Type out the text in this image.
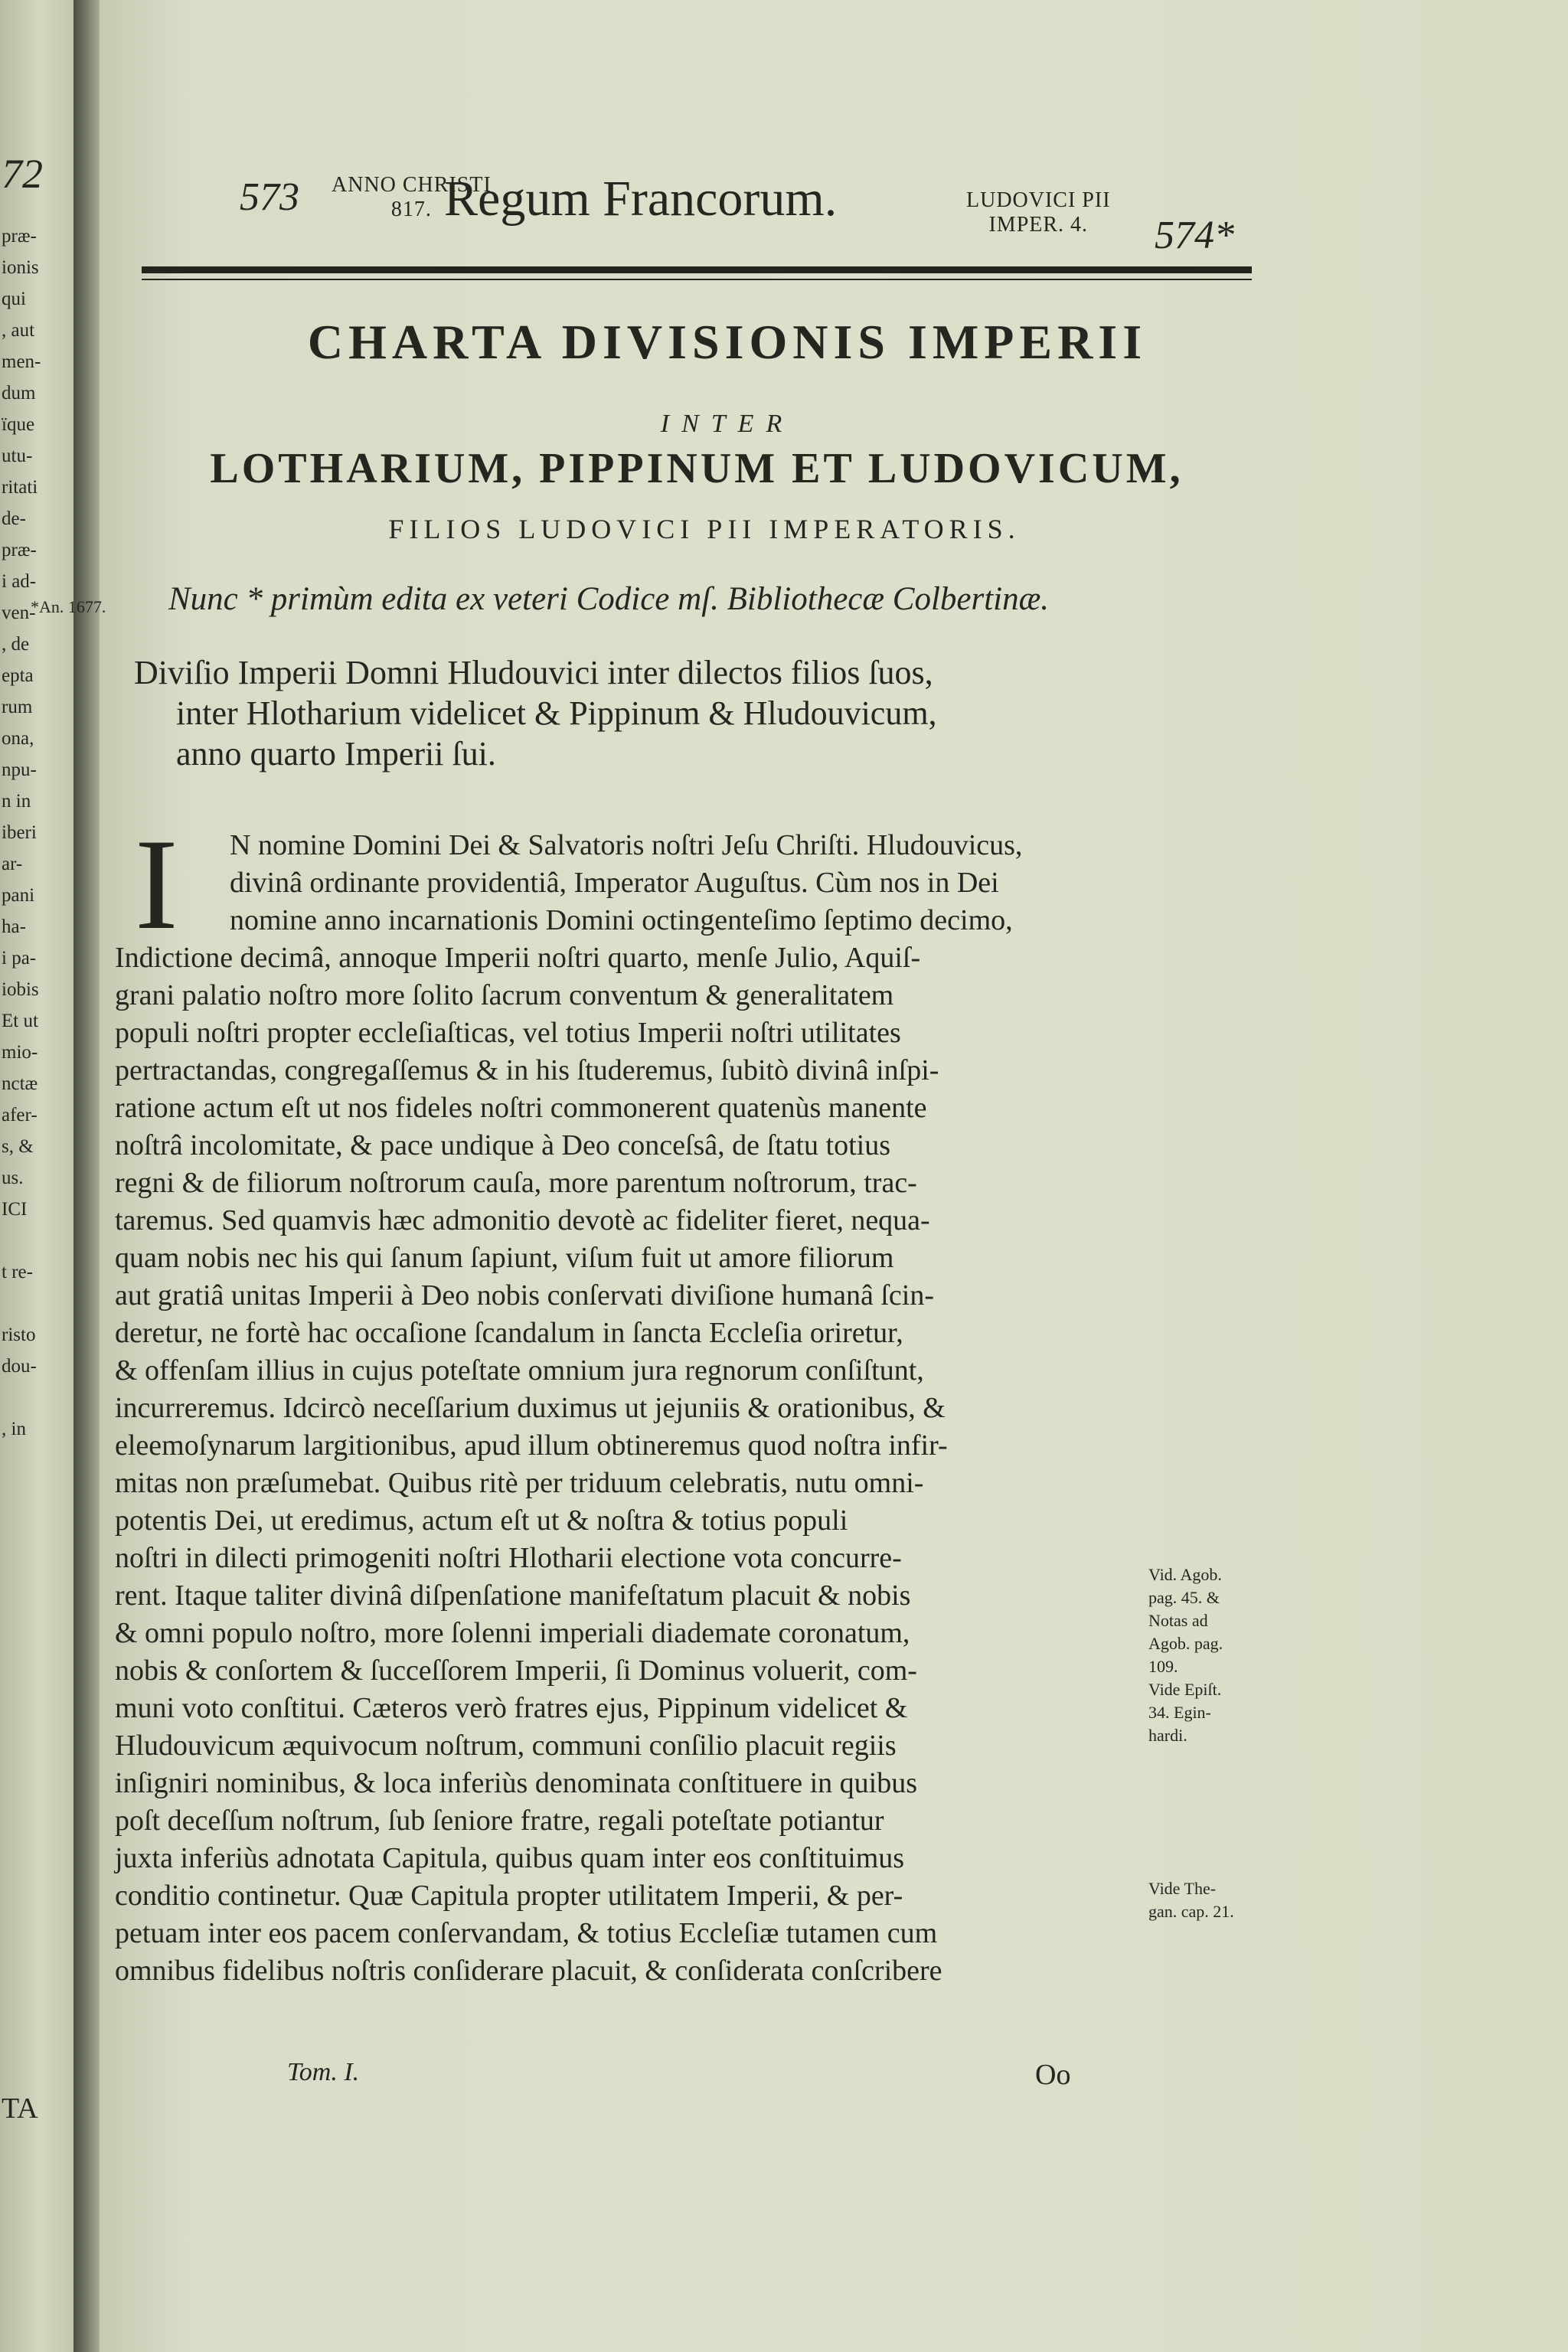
72
præ-
ionis
qui
, aut
men-
dum
ïque
utu-
ritati
de-
præ-
i ad-
ven-
, de
epta
rum
ona,
npu-
n in
iberi
ar-
pani
ha-
i pa-
iobis
Et ut
mio-
nctæ
afer-
s, &
us.
ICI
t re-
risto
dou-
, in
TA
573 ANNO CHRISTI
817. Regum Francorum.	LUDOVICI PII
IMPER. 4.	574*
CHARTA DIVISIONIS IMPERII
INTER
LOTHARIUM, PIPPINUM ET LUDOVICUM,
FILIOS LUDOVICI PII IMPERATORIS.
*An. 1677. Nunc * primùm edita ex veteri Codice mſ. Bibliothecæ Colbertinæ.
Diviſio Imperii Domni Hludouvici inter dilectos filios ſuos,
inter Hlotharium videlicet & Pippinum & Hludouvicum,
anno quarto Imperii ſui.
I N nomine Domini Dei & Salvatoris noſtri Jeſu Chriſti. Hludouvicus,
divinâ ordinante providentiâ, Imperator Auguſtus. Cùm nos in Dei
nomine anno incarnationis Domini octingenteſimo ſeptimo decimo,
Indictione decimâ, annoque Imperii noſtri quarto, menſe Julio, Aquiſ-
grani palatio noſtro more ſolito ſacrum conventum & generalitatem
populi noſtri propter eccleſiaſticas, vel totius Imperii noſtri utilitates
pertractandas, congregaſſemus & in his ſtuderemus, ſubitò divinâ inſpi-
ratione actum eſt ut nos fideles noſtri commonerent quatenùs manente
noſtrâ incolomitate, & pace undique à Deo conceſsâ, de ſtatu totius
regni & de filiorum noſtrorum cauſa, more parentum noſtrorum, trac-
taremus. Sed quamvis hæc admonitio devotè ac fideliter fieret, nequa-
quam nobis nec his qui ſanum ſapiunt, viſum fuit ut amore filiorum
aut gratiâ unitas Imperii à Deo nobis conſervati diviſione humanâ ſcin-
deretur, ne fortè hac occaſione ſcandalum in ſancta Eccleſia oriretur,
& offenſam illius in cujus poteſtate omnium jura regnorum conſiſtunt,
incurreremus. Idcircò neceſſarium duximus ut jejuniis & orationibus, &
eleemoſynarum largitionibus, apud illum obtineremus quod noſtra infir-
mitas non præſumebat. Quibus ritè per triduum celebratis, nutu omni-
potentis Dei, ut eredimus, actum eſt ut & noſtra & totius populi
noſtri in dilecti primogeniti noſtri Hlotharii electione vota concurre-
rent. Itaque taliter divinâ diſpenſatione manifeſtatum placuit & nobis
& omni populo noſtro, more ſolenni imperiali diademate coronatum,
nobis & conſortem & ſucceſſorem Imperii, ſi Dominus voluerit, com-
muni voto conſtitui. Cæteros verò fratres ejus, Pippinum videlicet &
Hludouvicum æquivocum noſtrum, communi conſilio placuit regiis
inſigniri nominibus, & loca inferiùs denominata conſtituere in quibus
poſt deceſſum noſtrum, ſub ſeniore fratre, regali poteſtate potiantur
juxta inferiùs adnotata Capitula, quibus quam inter eos conſtituimus
conditio continetur. Quæ Capitula propter utilitatem Imperii, & per-
petuam inter eos pacem conſervandam, & totius Eccleſiæ tutamen cum
omnibus fidelibus noſtris conſiderare placuit, & conſiderata conſcribere
Vid. Agob.
pag. 45. &
Notas ad
Agob. pag.
109.
Vide Epiſt.
34. Egin-
hardi.
Vide The-
gan. cap. 21.
Tom. I.	Oo
